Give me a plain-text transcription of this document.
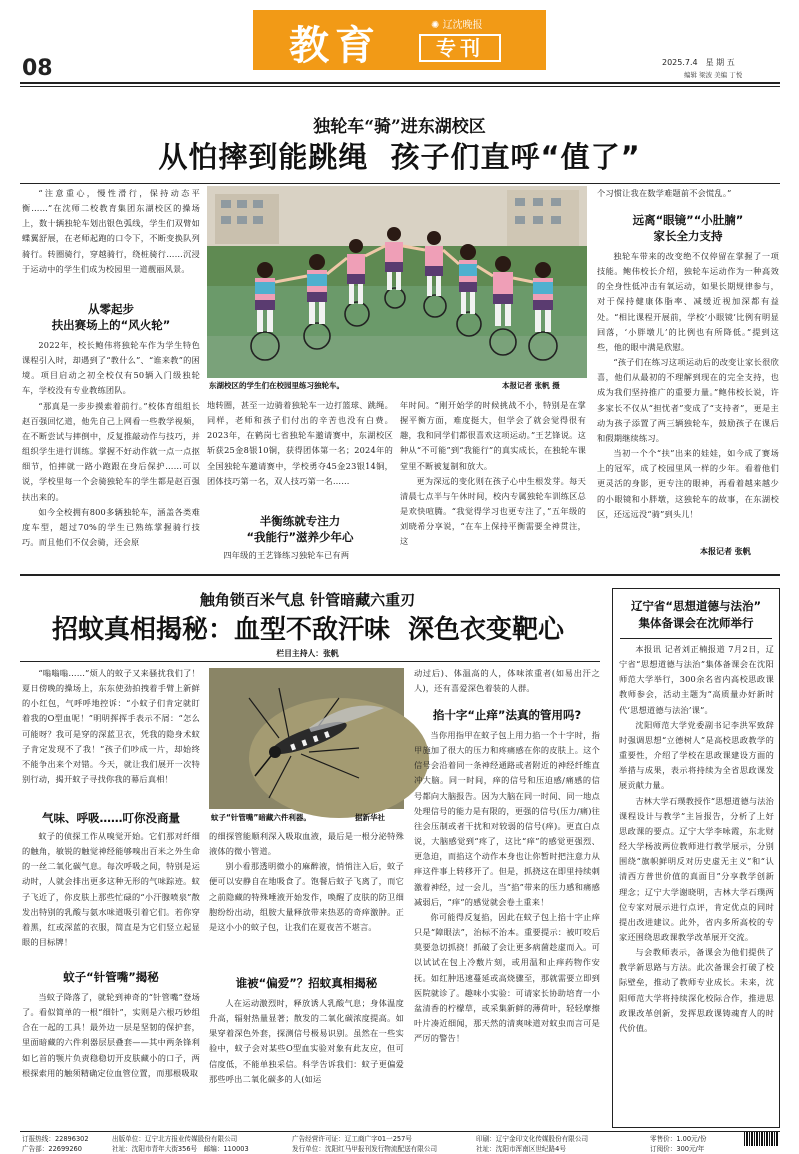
08	教育	✺ 辽沈晚报
专刊
2025.7.4　 星 期 五
编辑 梁波 美编 丁悦
独轮车“骑”进东湖校区
从怕摔到能跳绳  孩子们直呼“值了”

“注意重心，慢性滑行，保持动态平衡……”在沈师二校教育集团东湖校区的操场上，数十辆独轮车划出银色弧线，学生们双臂如蝶翼舒展，在老师起跑的口令下，不断变换队列骑行。转圈骑行，穿越骑行，绕桩骑行……沉浸于运动中的学生们成为校园里一道靓丽风景。

从零起步
扶出赛场上的“风火轮”

2022年，校长鲍伟将独轮车作为学生特色课程引入时，却遇到了“教什么”、“谁来教”的困境。项目启动之初全校仅有50辆入门级独轮车，学校没有专业教练团队。

“那真是一步步摸索着前行。”校体育组组长赵百强回忆道，他先自己上网看一些教学视频，在不断尝试与摔倒中，反复推敲动作与技巧，并组织学生进行训练。掌握不好动作就一点一点抠细节，怕摔就一路小跑跟在身后保护……可以说，学校里每一个会骑独轮车的学生都是赵百强扶出来的。

如今全校拥有800多辆独轮车，涵盖各类难度车型，超过70%的学生已熟练掌握骑行技巧。而且他们不仅会骑，还会原

东湖校区的学生们在校园里练习独轮车。	本报记者 张帆 摄

地转圈，甚至一边骑着独轮车一边打篮球、跳绳。同样，老师和孩子们付出的辛苦也没有白费。2023年，在鹤岗七省独轮车邀请赛中，东湖校区斩获25金8银10铜，获得团体第一名；2024年的全国独轮车邀请赛中，学校勇夺45金23银14铜，团体技巧第一名，双人技巧第一名……

半衡练就专注力
“我能行”滋养少年心

四年级的王艺锋练习独轮车已有两

年时间。“刚开始学的时候挑战不小，特别是在掌握平衡方面，难度挺大，但学会了就会觉得很有趣，我和同学们都很喜欢这项运动。”王艺锋说。这种从“不可能”到“我能行”的真实成长，在独轮车课堂里不断被复制和放大。

更为深远的变化则在孩子心中生根发芽。每天清晨七点半与午休时间，校内专属独轮车训练区总是欢快喧腾。“我觉得学习也更专注了，”五年级的刘晓希分享说，“在车上保持平衡需要全神贯注，这

个习惯让我在数学难题前不会慌乱。”

远离“眼镜”“小肚腩”
家长全力支持

独轮车带来的改变绝不仅停留在掌握了一项技能。鲍伟校长介绍，独轮车运动作为一种高效的全身性低冲击有氧运动，如果长期规律参与，对于保持健康体脂率、减缓近视加深都有益处。“相比课程开展前，学校‘小眼镜’比例有明显回落，‘小胖墩儿’的比例也有所降低。”提到这些，他的眼中满是欣慰。

“孩子们在练习这项运动后的改变让家长很欣喜，他们从最初的不理解到现在的完全支持，也成为我们坚持推广的重要力量。”鲍伟校长说，许多家长不仅从“担忧者”变成了“支持者”，更是主动为孩子添置了两三辆独轮车，鼓励孩子在课后和假期继续练习。

当初一个个“扶”出来的娃娃，如今成了赛场上的冠军，成了校园里风一样的少年。看着他们更灵活的身影，更专注的眼神，再看着越来越少的小眼镜和小胖墩，这独轮车的故事，在东湖校区，还远远没“骑”到头儿！

本报记者 张帆
触角锁百米气息 针管暗藏六重刃
招蚊真相揭秘：血型不敌汗味  深色衣变靶心
栏目主持人：张帆

“嗡嗡嗡……”烦人的蚊子又来骚扰我们了！夏日傍晚的操场上，东东使劲拍拽着手臂上新鲜的小红包，气呼呼地控诉：“小蚊子们肯定就盯着我的O型血呢！”明明挥挥手表示不屑：“怎么可能呀？我可是穿的深蓝卫衣，凭我的隐身术蚊子肯定发现不了我！”孩子们吵成一片，却始终不能争出来个对错。今天，就让我们展开一次特别行动，揭开蚊子寻找你我的幕后真相！

气味、呼吸……叮你没商量

蚊子的侦探工作从嗅觉开始。它们那对纤细的触角，敏锐的触觉神经能够嗅出百米之外生命的一丝二氧化碳气息。每次呼吸之间，特别是运动时，人就会排出更多这种无形的气味踪迹。蚊子飞近了，你皮肤上那些忙碌的“小汗腺喷泉”散发出特别的乳酸与氨水味道吸引着它们。若你穿着黑，红或深蓝的衣服，简直是为它们竖立起显眼的目标牌！

蚊子“针管嘴”揭秘

当蚊子降落了，就轮到神奇的“针管嘴”登场了。看似简单的一根“细针”，实则是六根巧妙组合在一起的工具！最外边一层是坚韧的保护套，里面暗藏的六件利器层层叠套——其中两条锋利如匕首的颚片负责稳稳切开皮肤藏小的口子，两根探索用的触须精确定位血管位置，而那根吸取

蚊子“针管嘴”暗藏六件利器。	据新华社

的细探管能顺利深入吸取血液，最后是一根分泌特殊液体的微小管道。

别小看那透明微小的麻醉液，悄悄注入后，蚊子便可以安静自在地吸食了。饱餐后蚊子飞离了，而它之前隐藏的特殊唾液开始发作，唤醒了皮肤的防卫细胞纷纷出动，组胺大量释放带来热恶的奇痒激肿。正是这小小的蚊子包，让我们在夏夜苦不堪言。

谁被“偏爱”？招蚊真相揭秘

人在运动激烈时，释放诱人乳酸气息；身体温度升高，辐射热量显著；散发的二氧化碳浓度提高。如果穿着深色外套，探测信号极易识别。虽然在一些实验中，蚊子会对某些O型血实验对象有此友应，但可信度低，不能单独采信。科学告诉我们：蚊子更偏爱那些呼出二氧化碳多的人(如运

动过后)、体温高的人，体味浓重者(如易出汗之人)，还有喜爱深色着装的人群。

掐十字“止痒”法真的管用吗?

当你用指甲在蚊子包上用力掐一个十字时，指甲施加了很大的压力和疼痛感在你的皮肤上。这个信号会沿着同一条神经通路或者附近的神经纤维直冲大脑。同一时间，痒的信号和压迫感/痛感的信号都向大脑报告。因为大脑在同一时间、同一地点处理信号的能力是有限的，更强的信号(压力/痛)往往会压制或者干扰和对较弱的信号(痒)。更直白点说，大脑感觉到“疼了，这比“痒”的感觉更强烈、更急迫，而掐这个动作本身也让你暂时把注意力从痒这件事上转移开了。但是，抓挠这在即里持续刺激着神经，过一会儿，当“掐”带来的压力感和痛感减弱后，“痒”的感觉就会卷土重来！

你可能得反复掐，因此在蚊子包上掐十字止痒只是“障眼法”，治标不治本。重要提示：被叮咬后莫要急切抓挠！抓破了会让更多病菌趁虚而入。可以试试在包上冷敷片刻，或用温和止痒药物作安抚。如红肿迅速蔓延或高烧骤至，那就需要立即到医院就诊了。趣味小实验：可请家长协助培育一小盆清香的柠檬草，或采集新鲜的薄荷叶，轻轻摩擦叶片凑近细闻，那天然的清爽味道对蚊虫而言可是严厉的警告！

辽宁省“思想道德与法治”
集体备课会在沈师举行

本报讯 记者刘正楠报道 7月2日，辽宁省“思想道德与法治”集体备课会在沈阳师范大学举行，300余名省内高校思政课教师参会，活动主题为“高质量办好新时代‘思想道德与法治’课”。

沈阳师范大学党委副书记李洪军致辞时强调思想“立德树人”是高校思政教学的重要性，介绍了学校在思政课建设方面的举措与成果，表示将持续为全省思政课发展贡献力量。

吉林大学石璞教授作“思想道德与法治课程设计与教学”主旨报告，分析了上好思政课的要点。辽宁大学李咏霞，东北财经大学杨波两位教师进行教学展示，分别围绕“旗帜鲜明反对历史虚无主义”和“认清西方普世价值的真面目”分享教学创新理念；辽宁大学谢晓明，吉林大学石璞两位专家对展示进行点评，肯定优点的同时提出改进建议。此外，省内多所高校的专家还围绕思政课教学改革展开交流。

与会教师表示，备课会为他们提供了教学新思路与方法。此次备课会打破了校际壁垒，推动了教师专业成长。未来，沈阳师范大学将持续深化校际合作，推进思政课改革创新，发挥思政课铸魂育人的时代价值。

订报热线：22896302
广告部：22699260
出版单位：辽宁北方报业传媒股份有限公司
社址：沈阳市青年大街356号　邮编：110003
广告经营许可证：辽工商广字01一257号
发行单位：沈阳红马甲报刊发行物流配送有限公司
印刷：辽宁金印文化传媒股份有限公司
社址：沈阳市浑南区世纪路4号
零售价：1.00元/份
订阅价：300元/年
